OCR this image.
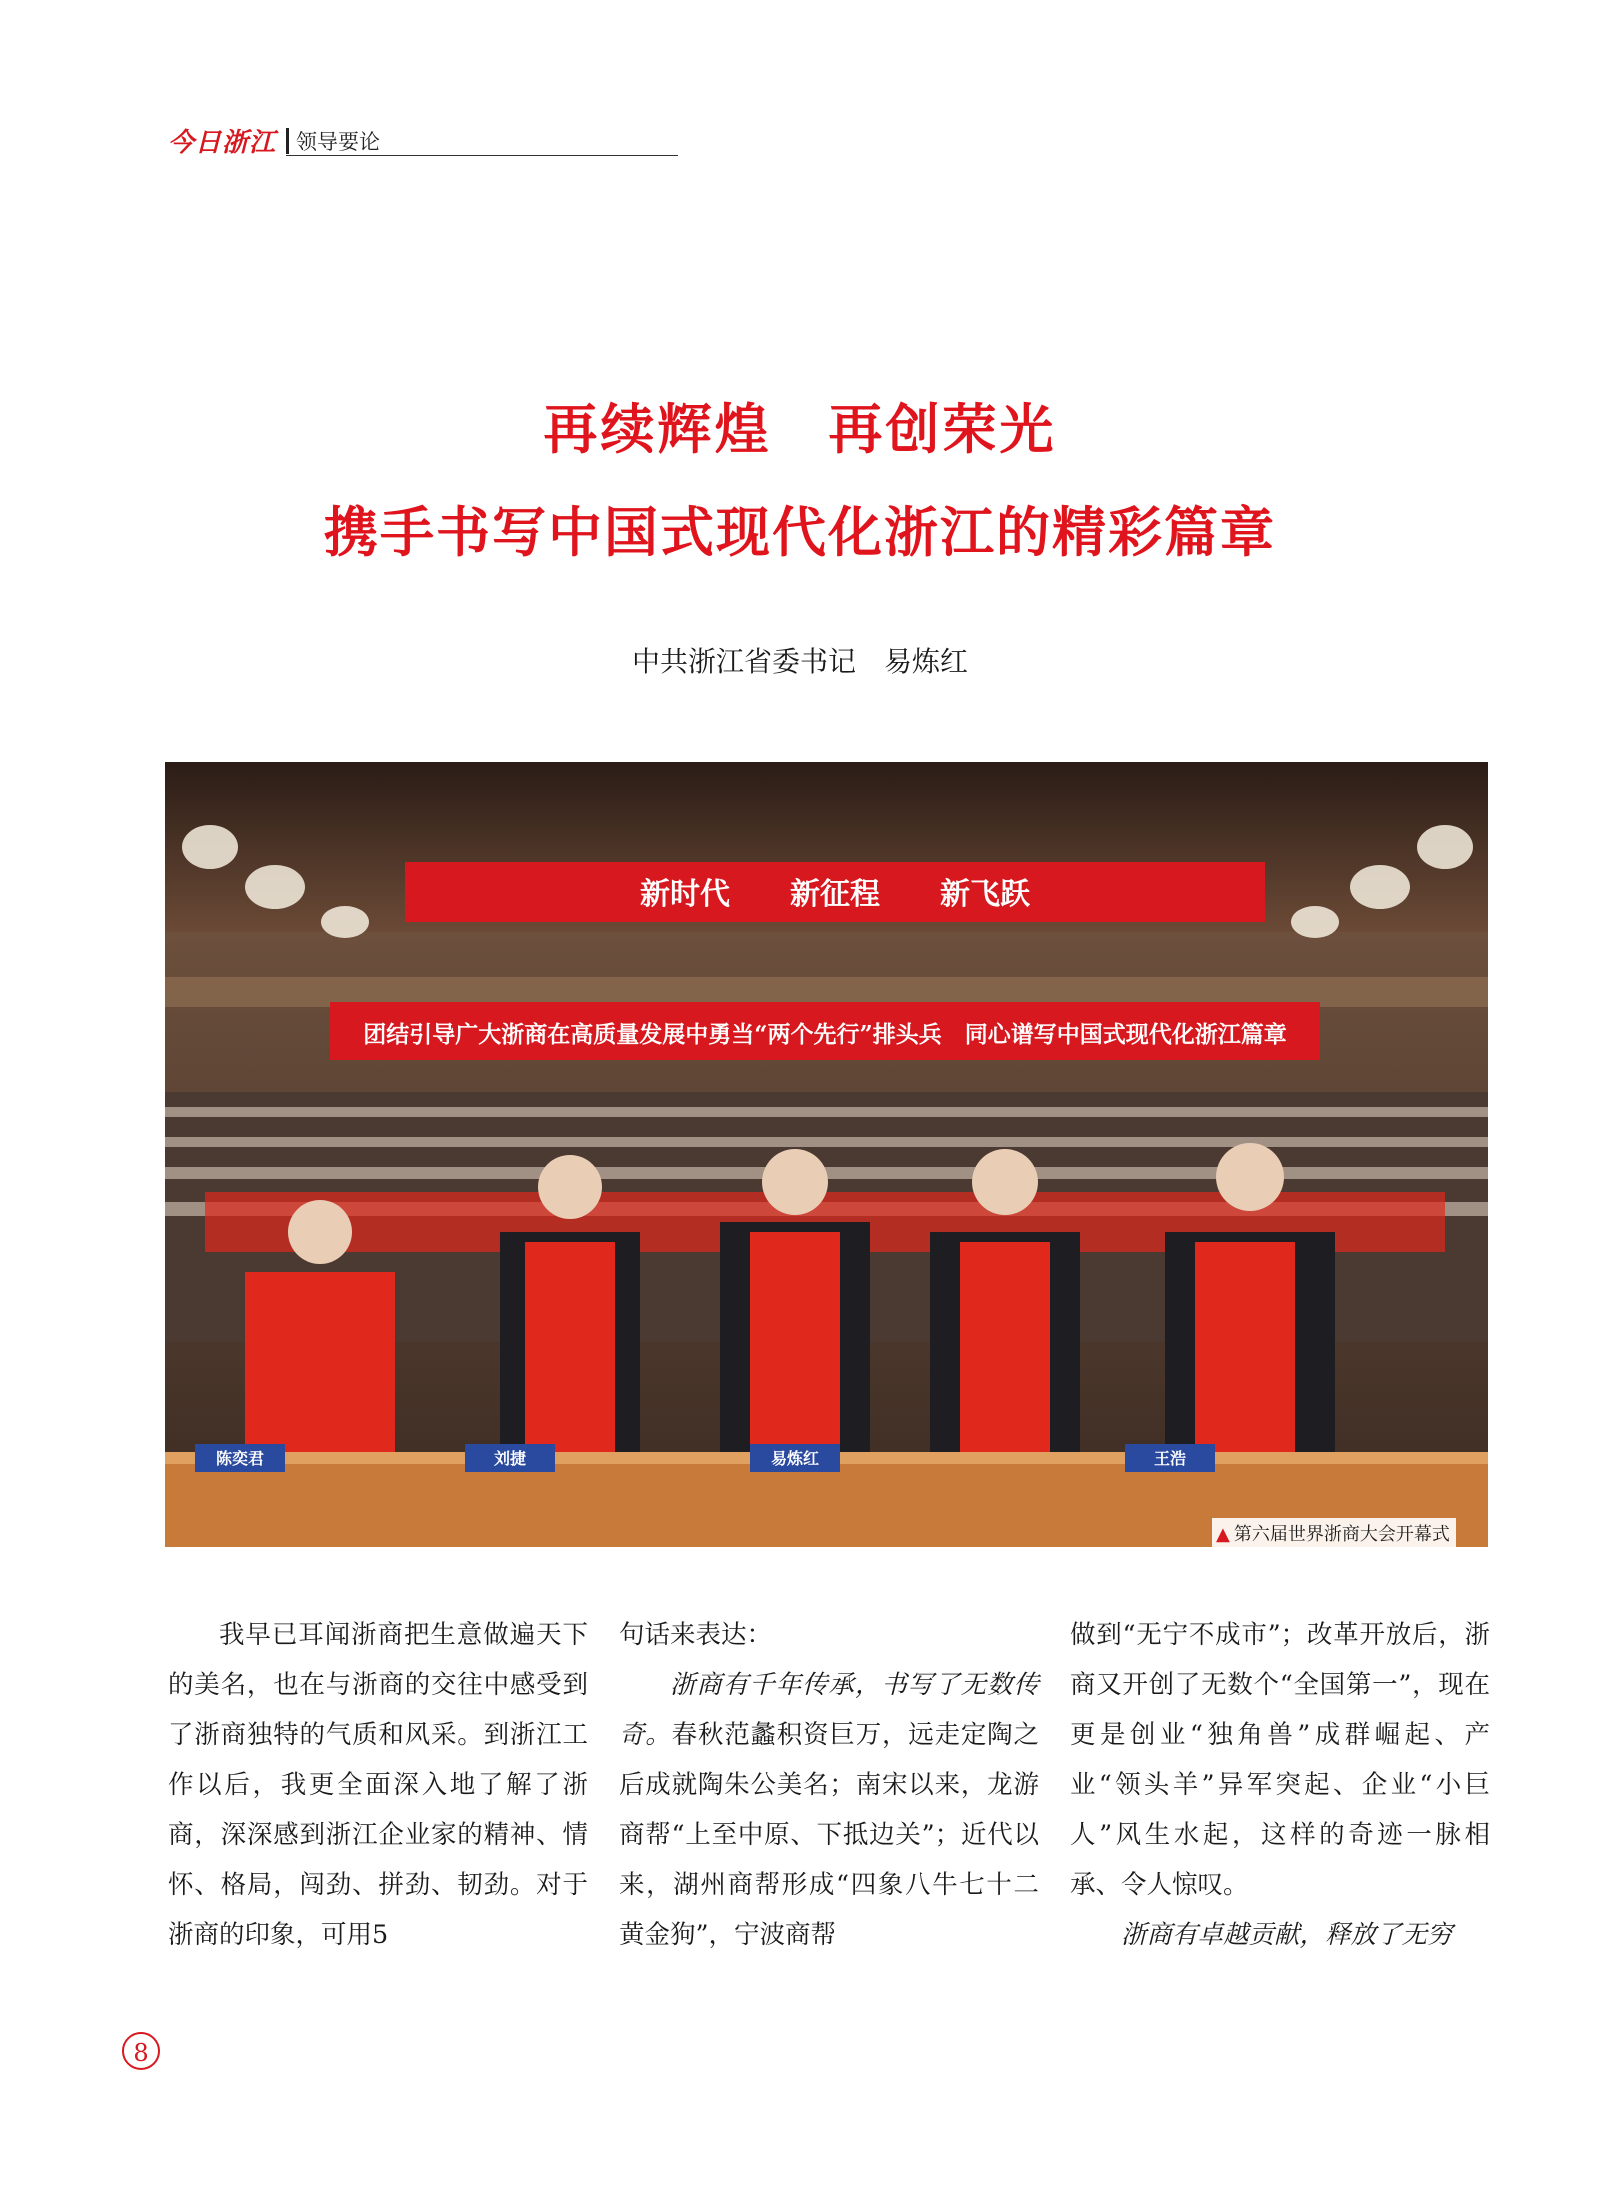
今日浙江 领导要论
再续辉煌　再创荣光
携手书写中国式现代化浙江的精彩篇章
中共浙江省委书记　易炼红
新时代　　新征程　　新飞跃
团结引导广大浙商在高质量发展中勇当“两个先行”排头兵　同心谱写中国式现代化浙江篇章
陈奕君	刘捷	易炼红	王浩
▲ 第六届世界浙商大会开幕式

我早已耳闻浙商把生意做遍天下的美名，也在与浙商的交往中感受到了浙商独特的气质和风采。到浙江工作以后，我更全面深入地了解了浙商，深深感到浙江企业家的精神、情怀、格局，闯劲、拼劲、韧劲。对于浙商的印象，可用5

句话来表达：

浙商有千年传承，书写了无数传奇。春秋范蠡积资巨万，远走定陶之后成就陶朱公美名；南宋以来，龙游商帮“上至中原、下抵边关”；近代以来，湖州商帮形成“四象八牛七十二黄金狗”，宁波商帮

做到“无宁不成市”；改革开放后，浙商又开创了无数个“全国第一”，现在更是创业“独角兽”成群崛起、产业“领头羊”异军突起、企业“小巨人”风生水起，这样的奇迹一脉相承、令人惊叹。

浙商有卓越贡献，释放了无穷

8
